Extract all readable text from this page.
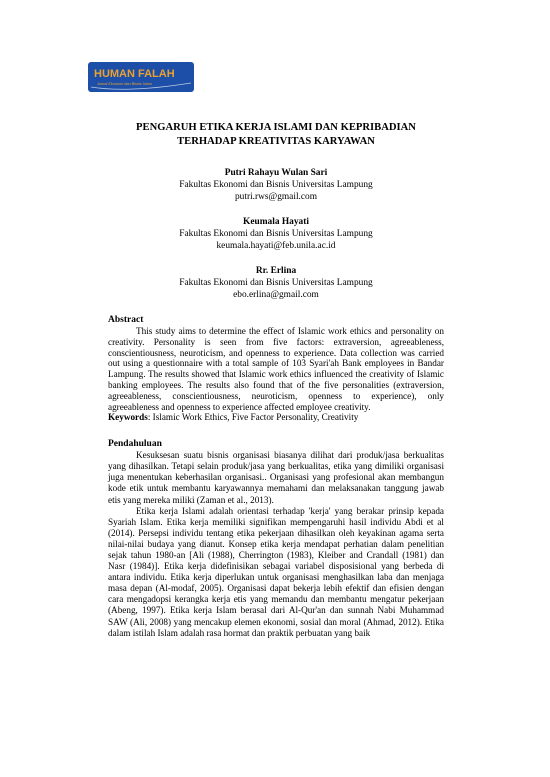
HUMAN FALAH
Jurnal Ekonomi dan Bisnis Islam

PENGARUH ETIKA KERJA ISLAMI DAN KEPRIBADIAN
TERHADAP KREATIVITAS KARYAWAN

Putri Rahayu Wulan Sari
Fakultas Ekonomi dan Bisnis Universitas Lampung
putri.rws@gmail.com
Keumala Hayati
Fakultas Ekonomi dan Bisnis Universitas Lampung
keumala.hayati@feb.unila.ac.id
Rr. Erlina
Fakultas Ekonomi dan Bisnis Universitas Lampung
ebo.erlina@gmail.com
Abstract

This study aims to determine the effect of Islamic work ethics and personality on creativity. Personality is seen from five factors: extraversion, agreeableness, conscientiousness, neuroticism, and openness to experience. Data collection was carried out using a questionnaire with a total sample of 103 Syari'ah Bank employees in Bandar Lampung. The results showed that Islamic work ethics influenced the creativity of Islamic banking employees. The results also found that of the five personalities (extraversion, agreeableness, conscientiousness, neuroticism, openness to experience), only agreeableness and openness to experience affected employee creativity.

Keywords: Islamic Work Ethics, Five Factor Personality, Creativity

Pendahuluan

Kesuksesan suatu bisnis organisasi biasanya dilihat dari produk/jasa berkualitas yang dihasilkan. Tetapi selain produk/jasa yang berkualitas, etika yang dimiliki organisasi juga menentukan keberhasilan organisasi.. Organisasi yang profesional akan membangun kode etik untuk membantu karyawannya memahami dan melaksanakan tanggung jawab etis yang mereka miliki (Zaman et al., 2013).

Etika kerja Islami adalah orientasi terhadap 'kerja' yang berakar prinsip kepada Syariah Islam. Etika kerja memiliki signifikan mempengaruhi hasil individu Abdi et al (2014). Persepsi individu tentang etika pekerjaan dihasilkan oleh keyakinan agama serta nilai-nilai budaya yang dianut. Konsep etika kerja mendapat perhatian dalam penelitian sejak tahun 1980-an [Ali (1988), Cherrington (1983), Kleiber and Crandall (1981) dan Nasr (1984)]. Etika kerja didefinisikan sebagai variabel disposisional yang berbeda di antara individu. Etika kerja diperlukan untuk organisasi menghasilkan laba dan menjaga masa depan (Al-modaf, 2005). Organisasi dapat bekerja lebih efektif dan efisien dengan cara mengadopsi kerangka kerja etis yang memandu dan membantu mengatur pekerjaan (Abeng, 1997). Etika kerja Islam berasal dari Al-Qur'an dan sunnah Nabi Muhammad SAW (Ali, 2008) yang mencakup elemen ekonomi, sosial dan moral (Ahmad, 2012). Etika dalam istilah Islam adalah rasa hormat dan praktik perbuatan yang baik
